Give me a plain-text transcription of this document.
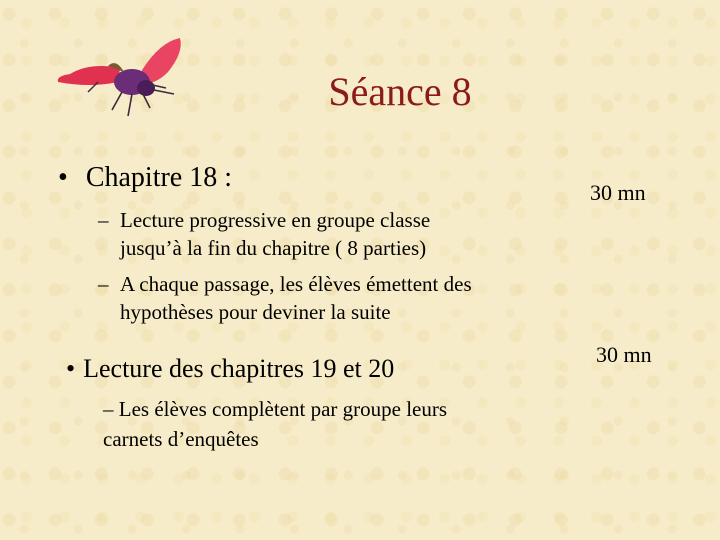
Séance 8
• Chapitre 18 :	30 mn
– Lecture progressive en groupe classe
jusqu’à la fin du chapitre ( 8 parties)
– A chaque passage, les élèves émettent des
hypothèses pour deviner la suite
• Lecture des chapitres 19 et 20	30 mn
– Les élèves complètent par groupe leurs
carnets d’enquêtes
